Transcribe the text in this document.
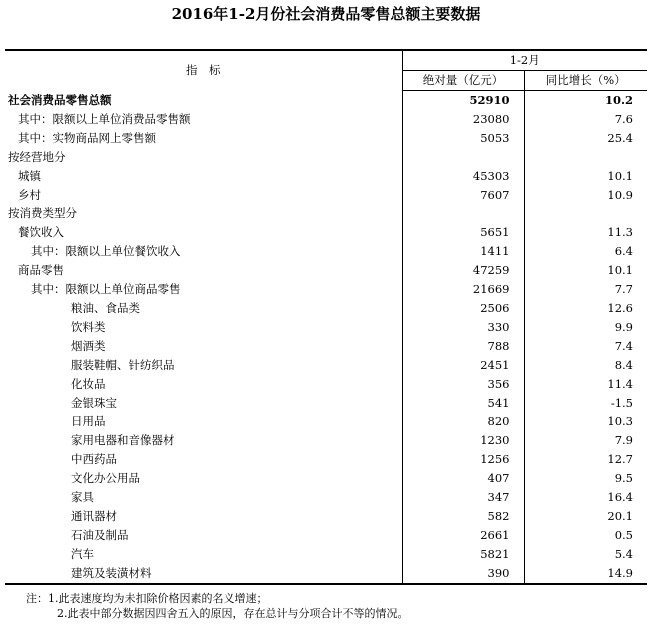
2016年1-2月份社会消费品零售总额主要数据
指　标	1-2月	
	绝对量（亿元）	同比增长（%）
社会消费品零售总额	52910	10.2
其中：限额以上单位消费品零售额	23080	7.6
其中：实物商品网上零售额	5053	25.4
按经营地分		
城镇	45303	10.1
乡村	7607	10.9
按消费类型分		
餐饮收入	5651	11.3
其中：限额以上单位餐饮收入	1411	6.4
商品零售	47259	10.1
其中：限额以上单位商品零售	21669	7.7
粮油、食品类	2506	12.6
饮料类	330	9.9
烟酒类	788	7.4
服装鞋帽、针纺织品	2451	8.4
化妆品	356	11.4
金银珠宝	541	-1.5
日用品	820	10.3
家用电器和音像器材	1230	7.9
中西药品	1256	12.7
文化办公用品	407	9.5
家具	347	16.4
通讯器材	582	20.1
石油及制品	2661	0.5
汽车	5821	5.4
建筑及装潢材料	390	14.9
注：1.此表速度均为未扣除价格因素的名义增速；
2.此表中部分数据因四舍五入的原因，存在总计与分项合计不等的情况。
